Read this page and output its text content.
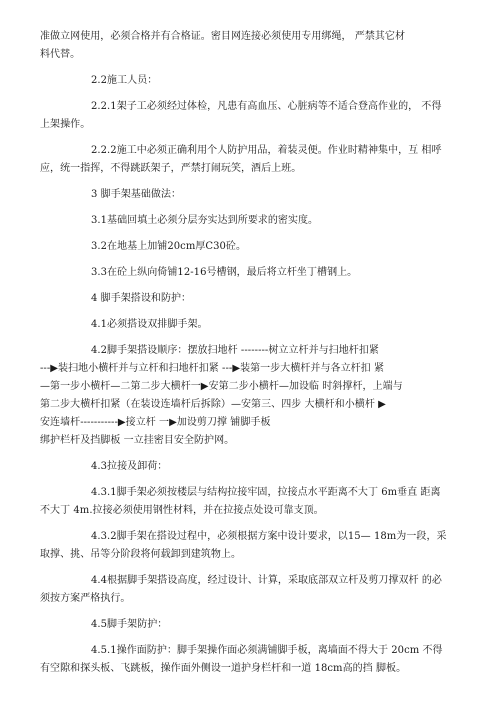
准做立网使用，必须合格并有合格证。密目网连接必须使用专用绑绳， 严禁其它材

料代替。

2.2施工人员：

2.2.1架子工必须经过体检，凡患有高血压、心脏病等不适合登高作业的， 不得

上架操作。

2.2.2施工中必须正确利用个人防护用品，着装灵便。作业时精神集中，互 相呼

应，统一指挥，不得跳跃架子，严禁打闹玩笑，酒后上班。

3 脚手架基础做法：

3.1基础回填土必须分层夯实达到所要求的密实度。

3.2在地基上加铺20cm厚C30砼。

3.3在砼上纵向倚铺12-16号槽钢，最后将立杆坐丁槽钢上。

4 脚手架搭设和防护：

4.1必须搭设双排脚手架。

4.2脚手架搭设顺序：摆放扫地杆 --------树立立杆并与扫地杆扣紧

---▶装扫地小横杆并与立杆和扫地杆扣紧 ---▶装第一步大横杆并与各立杆扣 紧

—第一步小横杆—二第二步大横杆一▶安第二步小横杆—加设临 时斜撑杆，上端与

第二步大横杆扣紧（在装设连墙杆后拆除）—安第三、四步 大横杆和小横杆 ▶

安连墙杆-----------▶接立杆 一▶加设剪刀撑 铺脚手板

绑护栏杆及挡脚板 一立挂密目安全防护网。

4.3拉接及卸荷：

4.3.1脚手架必须按楼层与结构拉接牢固，拉接点水平距离不大丁 6m垂直 距离

不大丁 4m.拉接必须使用钢性材料，并在拉接点处设可靠支顶。

4.3.2脚手架在搭设过程中，必须根据方案中设计要求，以15— 18m为一段，采

取撑、挑、吊等分阶段将何载卸到建筑物上。

4.4根据脚手架搭设高度，经过设计、计算，采取底部双立杆及剪刀撑双杆 的必

须按方案严格执行。

4.5脚手架防护：

4.5.1操作面防护：脚手架操作面必须满铺脚手板，离墙面不得大于 20cm 不得

有空隙和探头板、飞跳板，操作面外侧设一道护身栏杆和一道 18cm高的挡 脚板。
